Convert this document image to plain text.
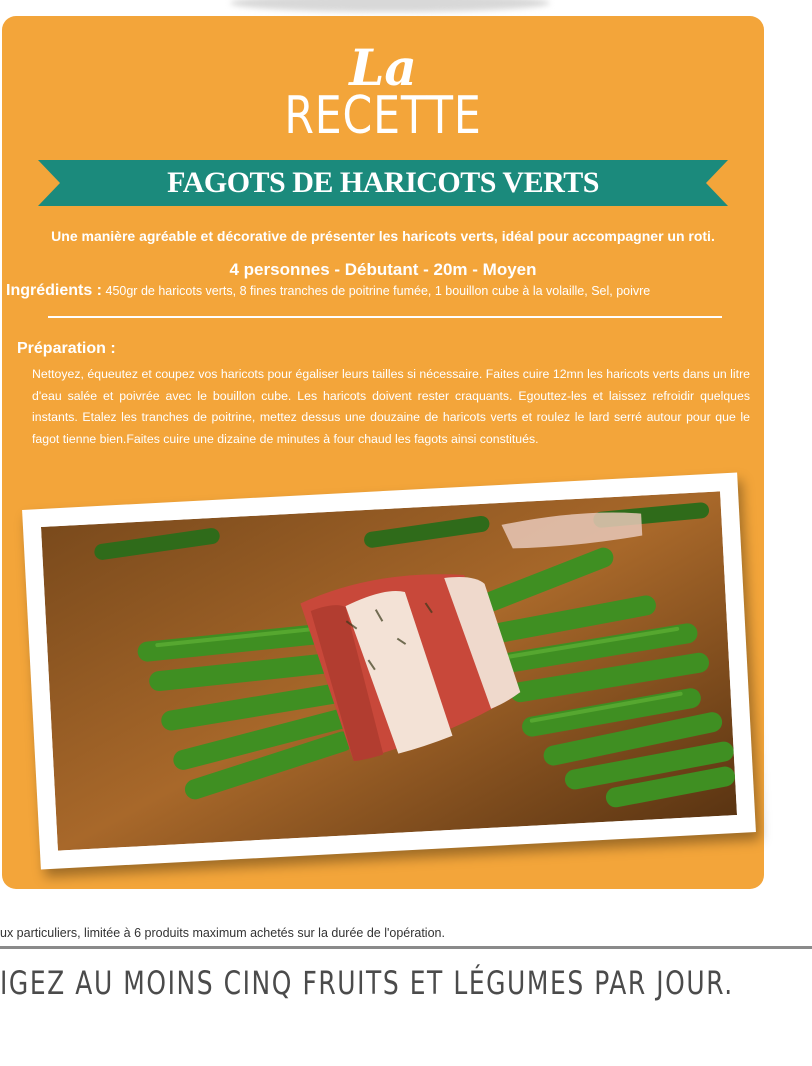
La
RECETTE
FAGOTS DE HARICOTS VERTS
Une manière agréable et décorative de présenter les haricots verts, idéal pour accompagner un roti.
4 personnes - Débutant - 20m - Moyen
Ingrédients : 450gr de haricots verts, 8 fines tranches de poitrine fumée, 1 bouillon cube à la volaille, Sel, poivre
Préparation :
Nettoyez, équeutez et coupez vos haricots pour égaliser leurs tailles si nécessaire. Faites cuire 12mn les haricots verts dans un litre d'eau salée et poivrée avec le bouillon cube. Les haricots doivent rester craquants. Egouttez-les et laissez refroidir quelques instants. Etalez les tranches de poitrine, mettez dessus une douzaine de haricots verts et roulez le lard serré autour pour que le fagot tienne bien.Faites cuire une dizaine de minutes à four chaud les fagots ainsi constitués.
ux particuliers, limitée à 6 produits maximum achetés sur la durée de l'opération.
IGEZ AU MOINS CINQ FRUITS ET LÉGUMES PAR JOUR.
